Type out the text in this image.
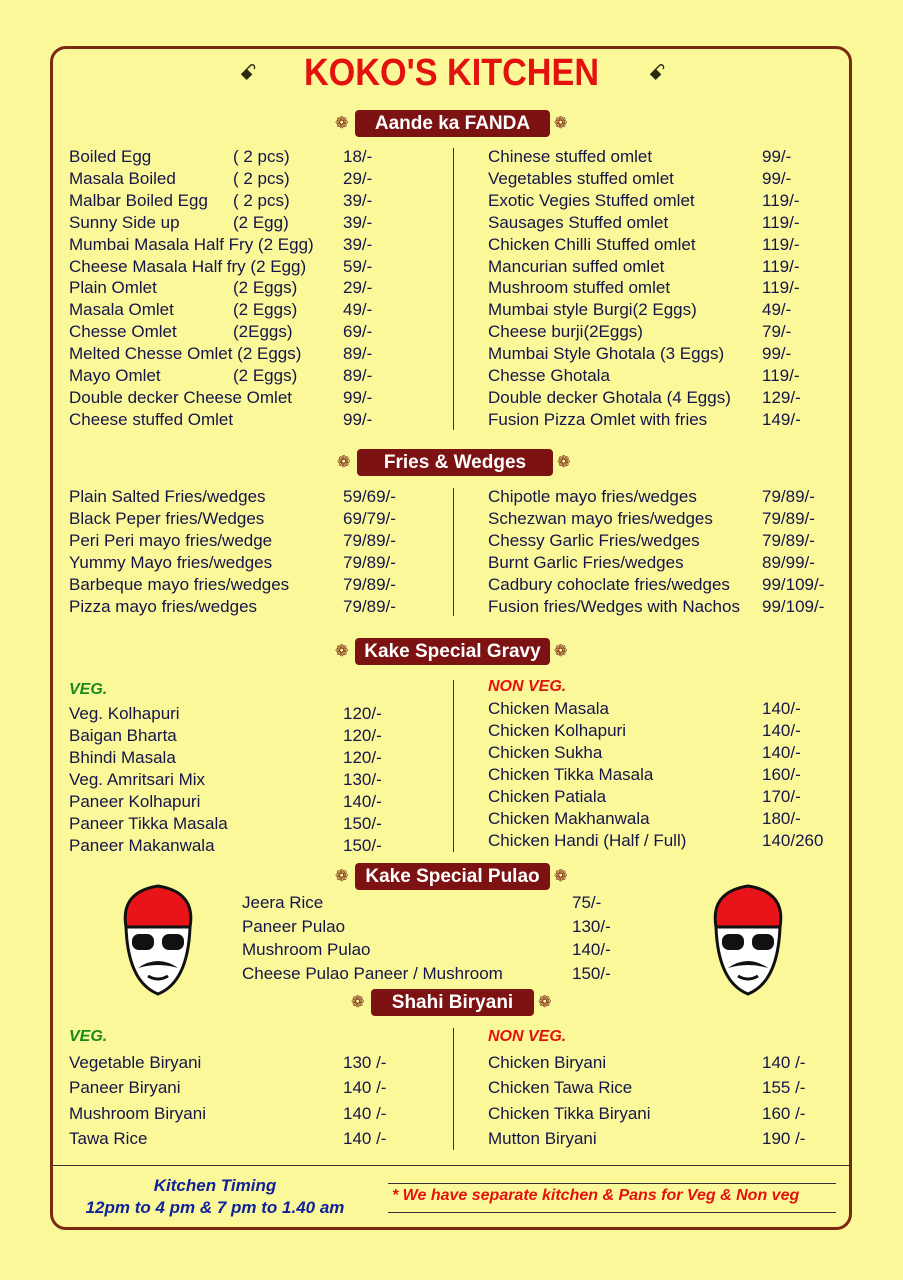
ꗃ	KOKO'S KITCHEN	ꗃ
❁	Aande ka FANDA	❁
Boiled Egg	( 2 pcs)	18/-
Masala Boiled	( 2 pcs)	29/-
Malbar Boiled Egg ( 2 pcs)	39/-
Sunny Side up	(2 Egg)	39/-
Mumbai Masala Half Fry (2 Egg) 39/-
Cheese Masala Half fry (2 Egg) 59/-
Plain Omlet	(2 Eggs)	29/-
Masala Omlet	(2 Eggs)	49/-
Chesse Omlet	(2Eggs)	69/-
Melted Chesse Omlet (2 Eggs) 89/-
Mayo Omlet	(2 Eggs)	89/-
Double decker Cheese Omlet	99/-
Cheese stuffed Omlet	99/-
Chinese stuffed omlet	99/-
Vegetables stuffed omlet	99/-
Exotic Vegies Stuffed omlet	119/-
Sausages Stuffed omlet	119/-
Chicken Chilli Stuffed omlet	119/-
Mancurian suffed omlet	119/-
Mushroom stuffed omlet	119/-
Mumbai style Burgi(2 Eggs)	49/-
Cheese burji(2Eggs)	79/-
Mumbai Style Ghotala (3 Eggs) 99/-
Chesse Ghotala	119/-
Double decker Ghotala (4 Eggs) 129/-
Fusion Pizza Omlet with fries	149/-
❁	Fries & Wedges	❁
Plain Salted Fries/wedges	59/69/-
Black Peper fries/Wedges	69/79/-
Peri Peri mayo fries/wedge	79/89/-
Yummy Mayo fries/wedges	79/89/-
Barbeque mayo fries/wedges	79/89/-
Pizza mayo fries/wedges	79/89/-
Chipotle mayo fries/wedges	79/89/-
Schezwan mayo fries/wedges	79/89/-
Chessy Garlic Fries/wedges	79/89/-
Burnt Garlic Fries/wedges	89/99/-
Cadbury cohoclate fries/wedges 99/109/-
Fusion fries/Wedges with Nachos 99/109/-
❁ Kake Special Gravy ❁
VEG.	NON VEG.
Veg. Kolhapuri	120/-
Baigan Bharta	120/-
Bhindi Masala	120/-
Veg. Amritsari Mix	130/-
Paneer Kolhapuri	140/-
Paneer Tikka Masala	150/-
Paneer Makanwala	150/-
Chicken Masala	140/-
Chicken Kolhapuri	140/-
Chicken Sukha	140/-
Chicken Tikka Masala	160/-
Chicken Patiala	170/-
Chicken Makhanwala	180/-
Chicken Handi (Half / Full)	140/260
❁ Kake Special Pulao ❁
Jeera Rice	75/-
Paneer Pulao	130/-
Mushroom Pulao	140/-
Cheese Pulao Paneer / Mushroom	150/-
❁	Shahi Biryani	❁
VEG.	NON VEG.
Vegetable Biryani	130 /-
Paneer Biryani	140 /-
Mushroom Biryani	140 /-
Tawa Rice	140 /-
Chicken Biryani	140 /-
Chicken Tawa Rice	155 /-
Chicken Tikka Biryani	160 /-
Mutton Biryani	190 /-
Kitchen Timing
12pm to 4 pm & 7 pm to 1.40 am
* We have separate kitchen & Pans for Veg & Non veg
